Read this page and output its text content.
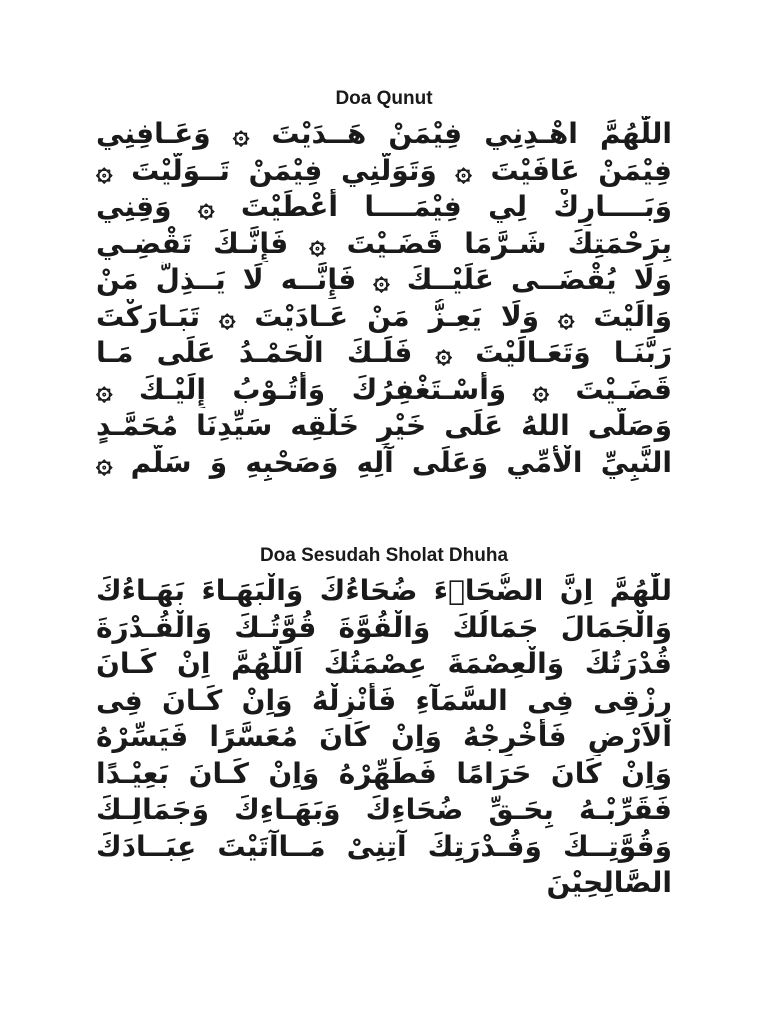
Doa Qunut
اللّٰهُمَّ اهْـدِنِي فِيْمَنْ هَــدَيْتَ ۞ وَعَـافِنِي
فِيْمَنْ عَافَيْتَ ۞ وَتَوَلَّنِي فِيْمَنْ تَــوَلَّيْتَ ۞
وَبَــــارِكْ لِي فِيْمَــــا أَعْطَيْتَ ۞ وَقِنِي
بِرَحْمَتِكَ شَـرَّمَا قَضَـيْتَ ۞ فَإِنَّـكَ تَقْضِـي
وَلَا يُقْضَــى عَلَيْــكَ ۞ فَإِنَّــه لَا يَــذِلُّ مَنْ
وَالَيْتَ ۞ وَلَا يَعِـزُّ مَنْ عَـادَيْتَ ۞ تَبَـارَكْتَ
رَبَّنَـا وَتَعَـالَيْتَ ۞ فَلَـكَ الْحَمْـدُ عَلَى مَـا
قَضَـيْتَ ۞ وَأَسْـتَغْفِرُكَ وَأَتُـوْبُ إِلَيْـكَ ۞
وَصَلَّى اللهُ عَلَى خَيْرِ خَلْقِه سَيِّدِنَا مُحَمَّـدٍ
النَّبِيِّ الْأُمِّي وَعَلَى آلِهِ وَصَحْبِهِ وَ سَلَّم ۞
Doa Sesudah Sholat Dhuha
للّٰهُمَّ اِنَّ الضُّحَاۤءَ ضُحَاءُكَ وَالْبَهَـاءَ بَهَـاءُكَ
وَالْجَمَالَ جَمَالُكَ وَالْقُوَّةَ قُوَّتُـكَ وَالْقُـدْرَةَ
قُدْرَتُكَ وَالْعِصْمَةَ عِصْمَتُكَ اَللّٰهُمَّ اِنْ كَـانَ
رِزْقِى فِى السَّمَآءِ فَأَنْزِلْهُ وَاِنْ كَـانَ فِى
اْلاَرْضِ فَأَخْرِجْهُ وَاِنْ كَانَ مُعَسَّرًا فَيَسِّرْهُ
وَاِنْ كَانَ حَرَامًا فَطَهِّرْهُ وَاِنْ كَـانَ بَعِيْـدًا
فَقَرِّبْـهُ بِحَـقِّ ضُحَاءِكَ وَبَهَـاءِكَ وَجَمَالِـكَ
وَقُوَّتِــكَ وَقُـدْرَتِكَ آتِنِىْ مَــاآتَيْتَ عِبَــادَكَ
الصَّالِحِيْنَ
